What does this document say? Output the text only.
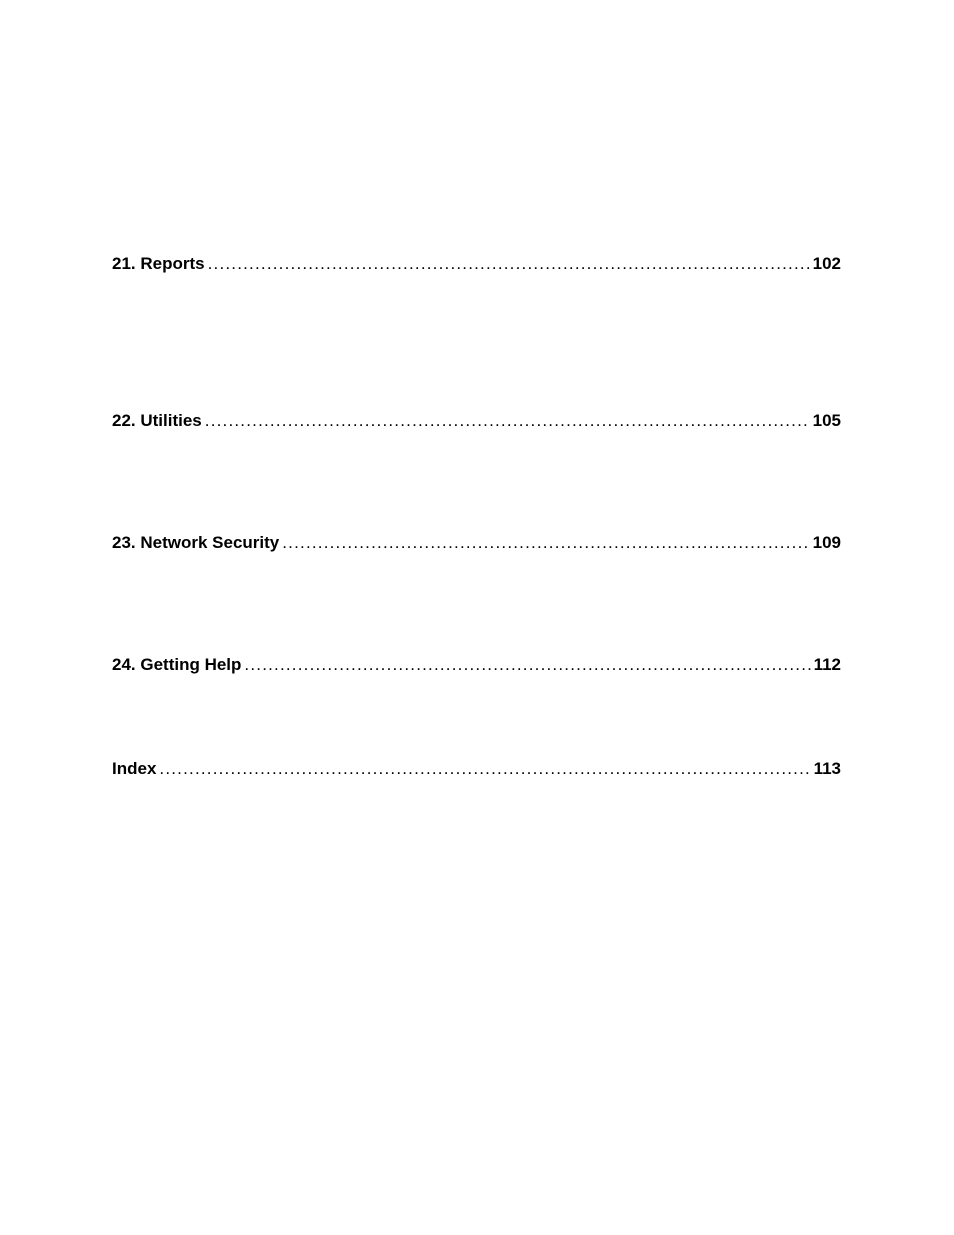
21. Reports .....	102
22. Utilities .....	105
23. Network Security .....	109
24. Getting Help .....	112
Index .....	113
